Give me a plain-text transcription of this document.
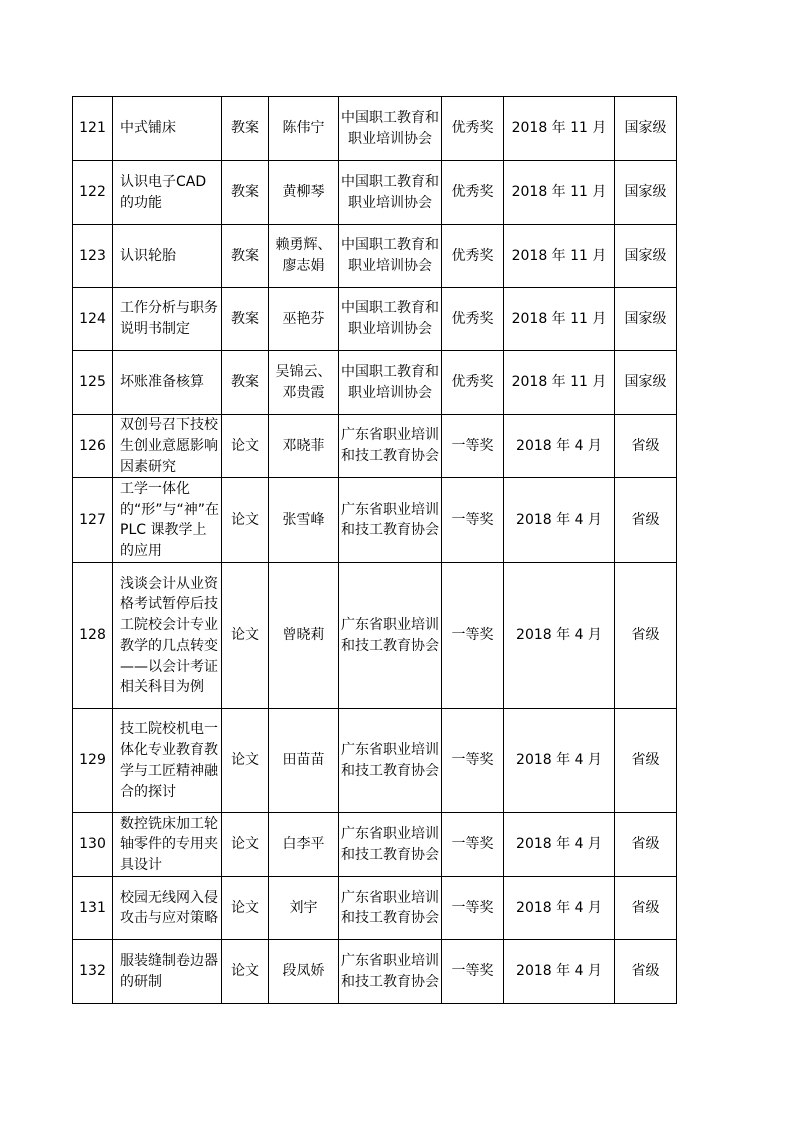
121	中式铺床	教案	陈伟宁	中国职工教育和职业培训协会	优秀奖	2018 年 11 月	国家级
122	认识电子CAD的功能	教案	黄柳琴	中国职工教育和职业培训协会	优秀奖	2018 年 11 月	国家级
123	认识轮胎	教案	赖勇辉、廖志娟	中国职工教育和职业培训协会	优秀奖	2018 年 11 月	国家级
124	工作分析与职务说明书制定	教案	巫艳芬	中国职工教育和职业培训协会	优秀奖	2018 年 11 月	国家级
125	坏账准备核算	教案	吴锦云、邓贵霞	中国职工教育和职业培训协会	优秀奖	2018 年 11 月	国家级
126	双创号召下技校生创业意愿影响因素研究	论文	邓晓菲	广东省职业培训和技工教育协会	一等奖	2018 年 4 月	省级
127	工学一体化的“形”与“神”在 PLC 课教学上的应用	论文	张雪峰	广东省职业培训和技工教育协会	一等奖	2018 年 4 月	省级
128	浅谈会计从业资格考试暂停后技工院校会计专业教学的几点转变——以会计考证相关科目为例	论文	曾晓莉	广东省职业培训和技工教育协会	一等奖	2018 年 4 月	省级
129	技工院校机电一体化专业教育教学与工匠精神融合的探讨	论文	田苗苗	广东省职业培训和技工教育协会	一等奖	2018 年 4 月	省级
130	数控铣床加工轮轴零件的专用夹具设计	论文	白李平	广东省职业培训和技工教育协会	一等奖	2018 年 4 月	省级
131	校园无线网入侵攻击与应对策略	论文	刘宇	广东省职业培训和技工教育协会	一等奖	2018 年 4 月	省级
132	服装缝制卷边器的研制	论文	段凤娇	广东省职业培训和技工教育协会	一等奖	2018 年 4 月	省级
